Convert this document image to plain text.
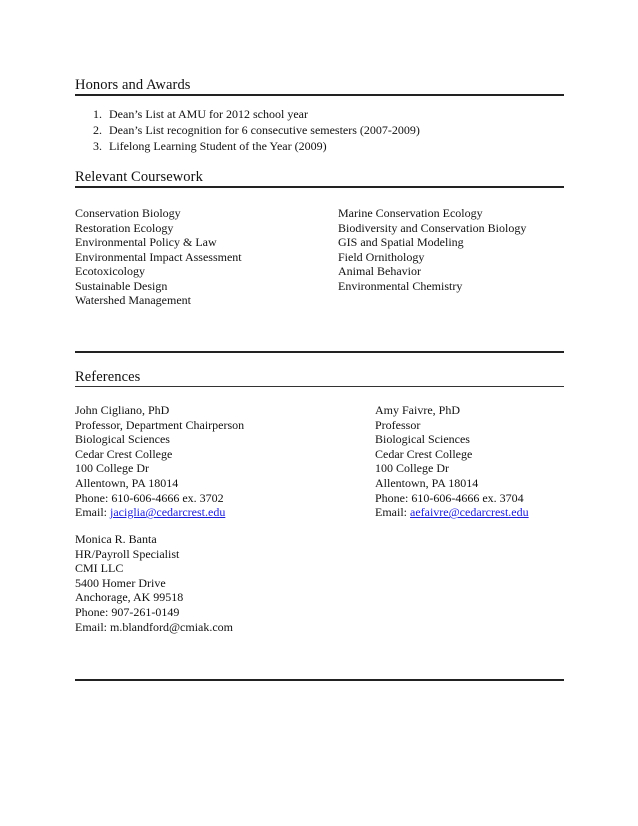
Honors and Awards
1. Dean’s List at AMU for 2012 school year
2. Dean’s List recognition for 6 consecutive semesters (2007-2009)
3. Lifelong Learning Student of the Year (2009)
Relevant Coursework
Conservation Biology
Restoration Ecology
Environmental Policy & Law
Environmental Impact Assessment
Ecotoxicology
Sustainable Design
Watershed Management
Marine Conservation Ecology
Biodiversity and Conservation Biology
GIS and Spatial Modeling
Field Ornithology
Animal Behavior
Environmental Chemistry
References
John Cigliano, PhD
Professor, Department Chairperson
Biological Sciences
Cedar Crest College
100 College Dr
Allentown, PA 18014
Phone: 610-606-4666 ex. 3702
Email: jaciglia@cedarcrest.edu
Amy Faivre, PhD
Professor
Biological Sciences
Cedar Crest College
100 College Dr
Allentown, PA 18014
Phone: 610-606-4666 ex. 3704
Email: aefaivre@cedarcrest.edu
Monica R. Banta
HR/Payroll Specialist
CMI LLC
5400 Homer Drive
Anchorage, AK 99518
Phone: 907-261-0149
Email: m.blandford@cmiak.com
